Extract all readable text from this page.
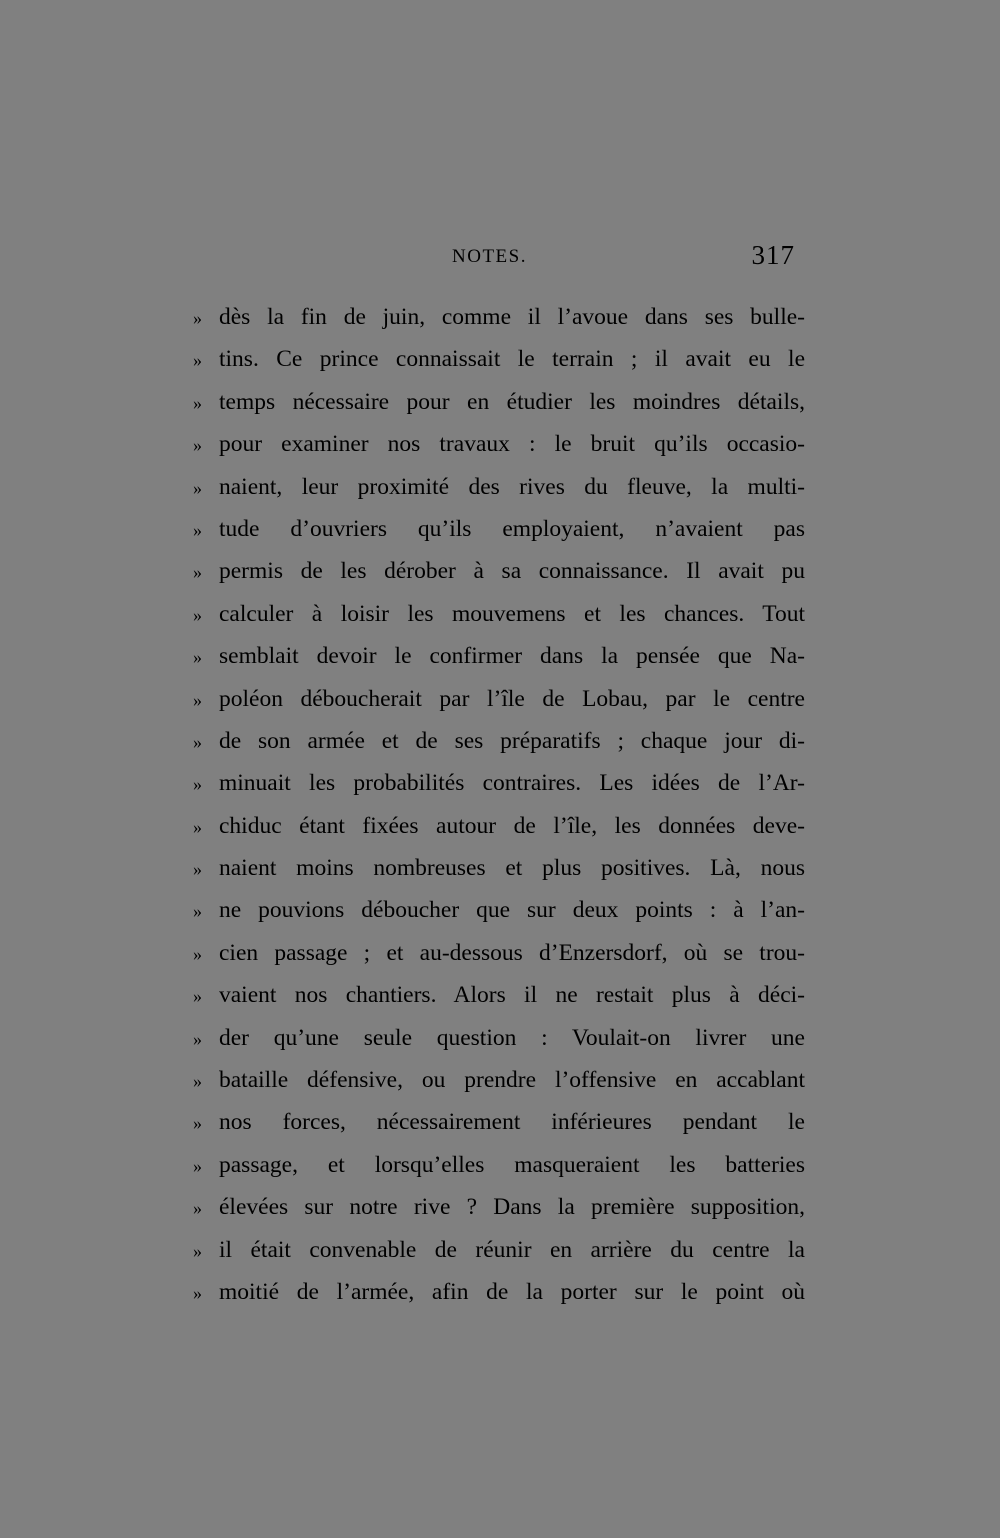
NOTES.	317
» dès la fin de juin, comme il l’avoue dans ses bulle-
» tins. Ce prince connaissait le terrain ; il avait eu le
» temps nécessaire pour en étudier les moindres détails,
» pour examiner nos travaux : le bruit qu’ils occasio-
» naient, leur proximité des rives du fleuve, la multi-
» tude d’ouvriers qu’ils employaient, n’avaient pas
» permis de les dérober à sa connaissance. Il avait pu
» calculer à loisir les mouvemens et les chances. Tout
» semblait devoir le confirmer dans la pensée que Na-
» poléon déboucherait par l’île de Lobau, par le centre
» de son armée et de ses préparatifs ; chaque jour di-
» minuait les probabilités contraires. Les idées de l’Ar-
» chiduc étant fixées autour de l’île, les données deve-
» naient moins nombreuses et plus positives. Là, nous
» ne pouvions déboucher que sur deux points : à l’an-
» cien passage ; et au-dessous d’Enzersdorf, où se trou-
» vaient nos chantiers. Alors il ne restait plus à déci-
» der qu’une seule question : Voulait-on livrer une
» bataille défensive, ou prendre l’offensive en accablant
» nos forces, nécessairement inférieures pendant le
» passage, et lorsqu’elles masqueraient les batteries
» élevées sur notre rive ? Dans la première supposition,
» il était convenable de réunir en arrière du centre la
» moitié de l’armée, afin de la porter sur le point où
